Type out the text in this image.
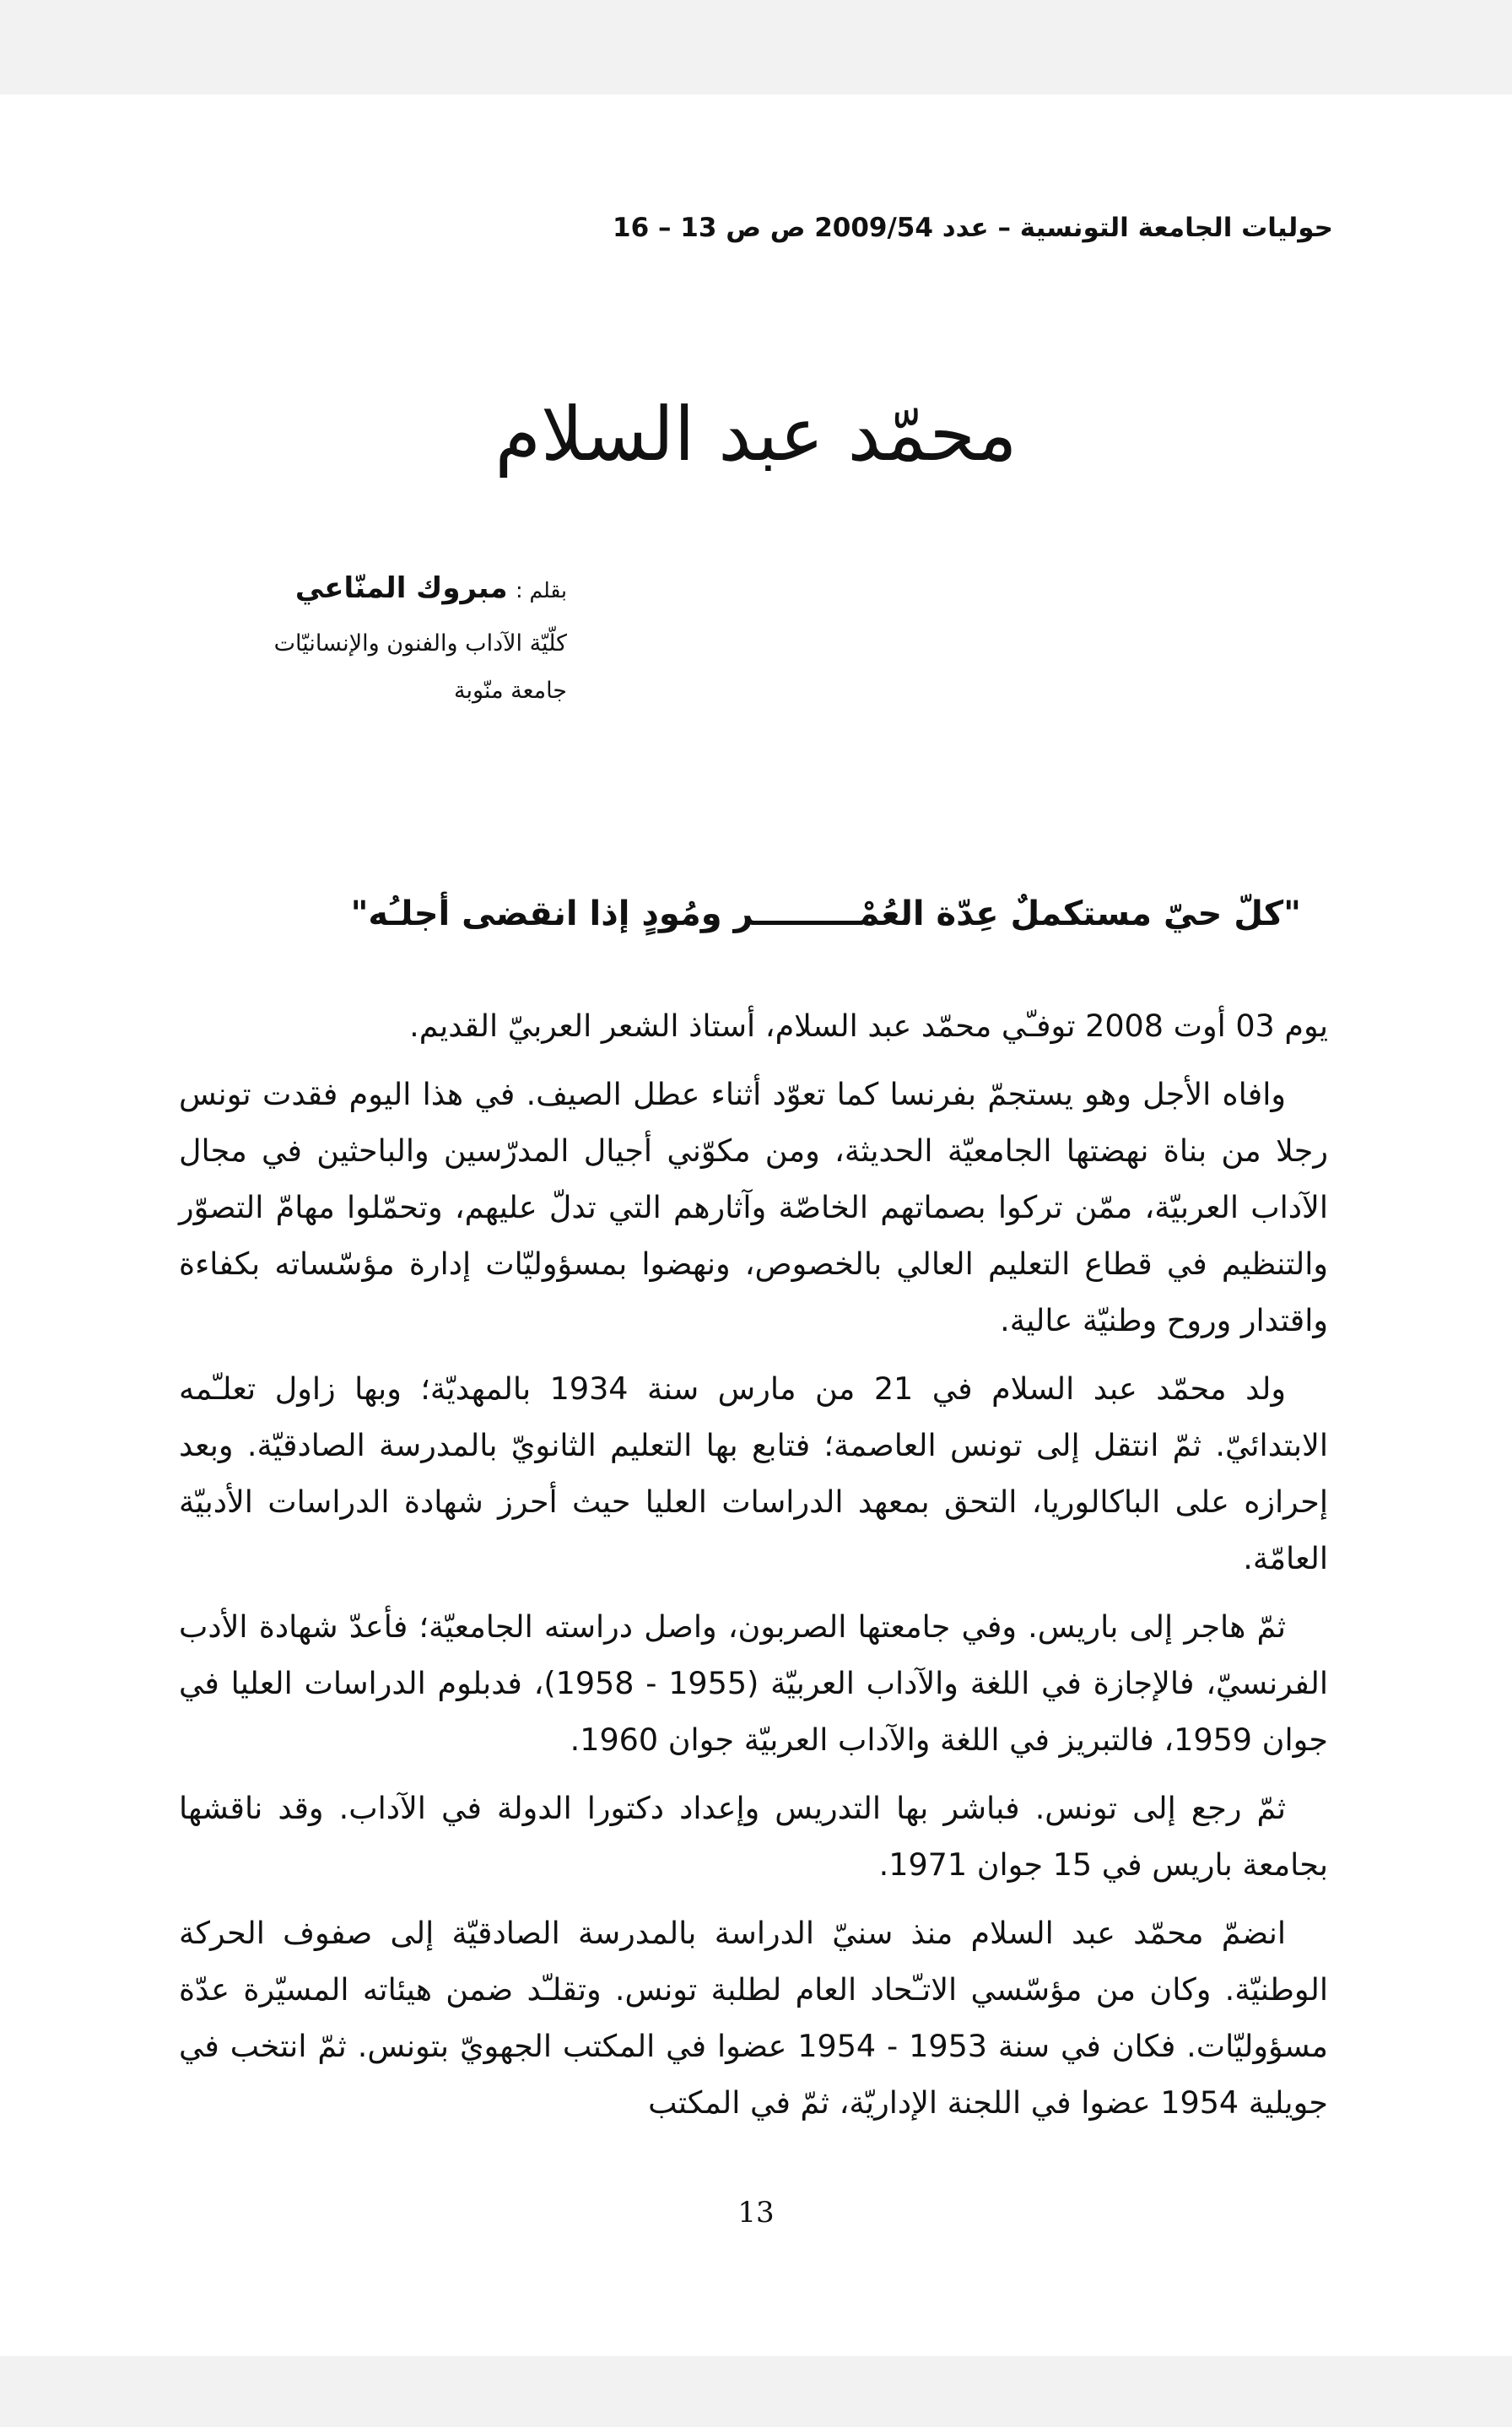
حوليات الجامعة التونسية – عدد 2009/54 ص ص 13 – 16
محمّد عبد السلام
بقلم : مبروك المنّاعي
كلّيّة الآداب والفنون والإنسانيّات
جامعة منّوبة
"كلّ حيّ مستكملٌ عِدّة العُمْـــــــــر ومُودٍ إذا انقضى أجلـُه"

يوم 03 أوت 2008 توفـّي محمّد عبد السلام، أستاذ الشعر العربيّ القديم.

وافاه الأجل وهو يستجمّ بفرنسا كما تعوّد أثناء عطل الصيف. في هذا اليوم فقدت تونس رجلا من بناة نهضتها الجامعيّة الحديثة، ومن مكوّني أجيال المدرّسين والباحثين في مجال الآداب العربيّة، ممّن تركوا بصماتهم الخاصّة وآثارهم التي تدلّ عليهم، وتحمّلوا مهامّ التصوّر والتنظيم في قطاع التعليم العالي بالخصوص، ونهضوا بمسؤوليّات إدارة مؤسّساته بكفاءة واقتدار وروح وطنيّة عالية.

ولد محمّد عبد السلام في 21 من مارس سنة 1934 بالمهديّة؛ وبها زاول تعلـّمه الابتدائيّ. ثمّ انتقل إلى تونس العاصمة؛ فتابع بها التعليم الثانويّ بالمدرسة الصادقيّة. وبعد إحرازه على الباكالوريا، التحق بمعهد الدراسات العليا حيث أحرز شهادة الدراسات الأدبيّة العامّة.

ثمّ هاجر إلى باريس. وفي جامعتها الصربون، واصل دراسته الجامعيّة؛ فأعدّ شهادة الأدب الفرنسيّ، فالإجازة في اللغة والآداب العربيّة (1955 - 1958)، فدبلوم الدراسات العليا في جوان 1959، فالتبريز في اللغة والآداب العربيّة جوان 1960.

ثمّ رجع إلى تونس. فباشر بها التدريس وإعداد دكتورا الدولة في الآداب. وقد ناقشها بجامعة باريس في 15 جوان 1971.

انضمّ محمّد عبد السلام منذ سنيّ الدراسة بالمدرسة الصادقيّة إلى صفوف الحركة الوطنيّة. وكان من مؤسّسي الاتـّحاد العام لطلبة تونس. وتقلـّد ضمن هيئاته المسيّرة عدّة مسؤوليّات. فكان في سنة 1953 - 1954 عضوا في المكتب الجهويّ بتونس. ثمّ انتخب في جويلية 1954 عضوا في اللجنة الإداريّة، ثمّ في المكتب

13
